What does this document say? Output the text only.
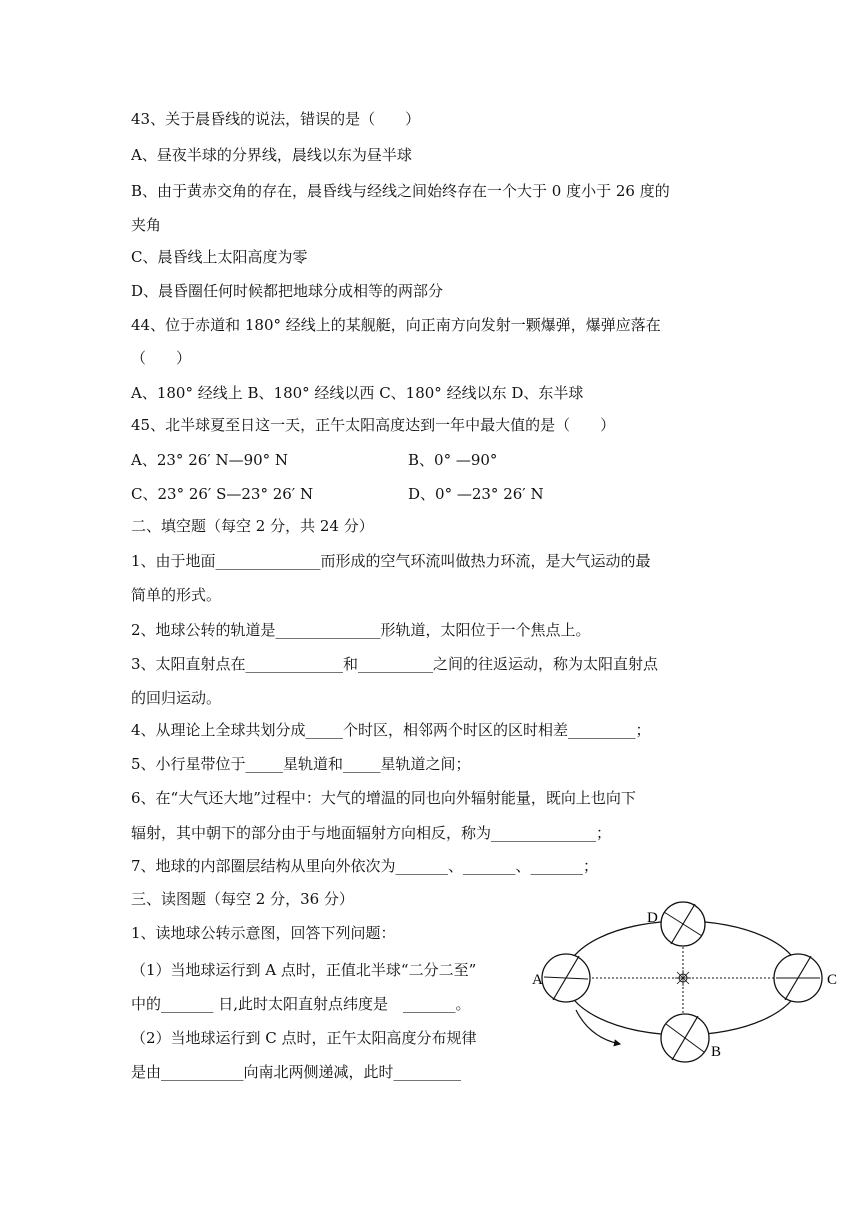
43、关于晨昏线的说法，错误的是（　　）
A、昼夜半球的分界线，晨线以东为昼半球
B、由于黄赤交角的存在，晨昏线与经线之间始终存在一个大于 0 度小于 26 度的
夹角
C、晨昏线上太阳高度为零
D、晨昏圈任何时候都把地球分成相等的两部分
44、位于赤道和 180° 经线上的某舰艇，向正南方向发射一颗爆弹，爆弹应落在
（　　）
A、180° 经线上 B、180° 经线以西 C、180° 经线以东 D、东半球
45、北半球夏至日这一天，正午太阳高度达到一年中最大值的是（　　）
A、23° 26′ N—90° N	B、0° —90°
C、23° 26′ S—23° 26′ N	D、0° —23° 26′ N
二、填空题（每空 2 分，共 24 分）
1、由于地面______________而形成的空气环流叫做热力环流，是大气运动的最
简单的形式。
2、地球公转的轨道是______________形轨道，太阳位于一个焦点上。
3、太阳直射点在_____________和__________之间的往返运动，称为太阳直射点
的回归运动。
4、从理论上全球共划分成_____个时区，相邻两个时区的区时相差_________；
5、小行星带位于_____星轨道和_____星轨道之间；
6、在“大气还大地”过程中：大气的增温的同也向外辐射能量，既向上也向下
辐射，其中朝下的部分由于与地面辐射方向相反，称为______________；
7、地球的内部圈层结构从里向外依次为_______、_______、_______；
三、读图题（每空 2 分，36 分）
1、读地球公转示意图，回答下列问题：
（1）当地球运行到 A 点时，正值北半球“二分二至”
中的_______ 日,此时太阳直射点纬度是　_______。
（2）当地球运行到 C 点时，正午太阳高度分布规律
是由___________向南北两侧递减，此时_________
A	C
D
B
